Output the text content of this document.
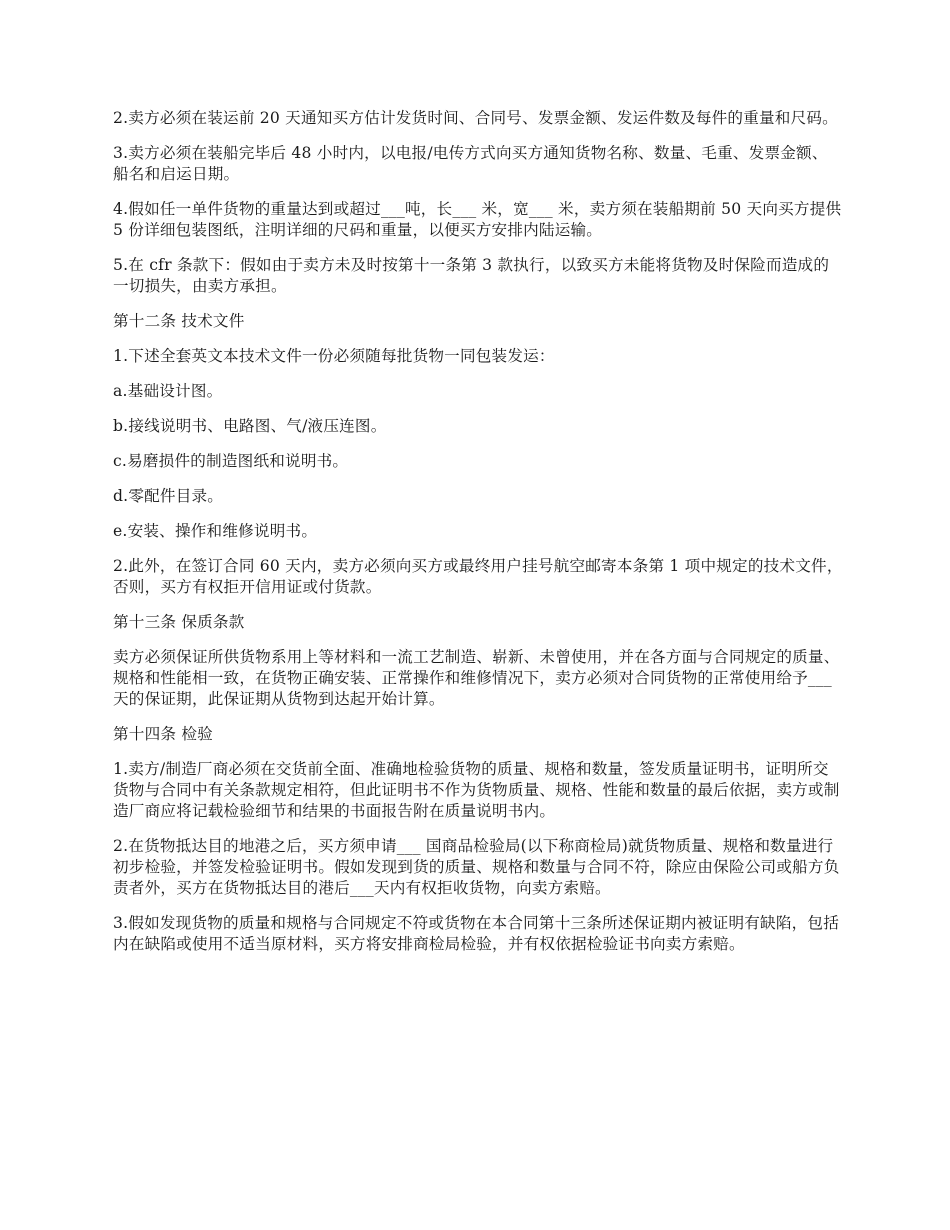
2.卖方必须在装运前 20 天通知买方估计发货时间、合同号、发票金额、发运件数及每件的重量和尺码。

3.卖方必须在装船完毕后 48 小时内，以电报/电传方式向买方通知货物名称、数量、毛重、发票金额、船名和启运日期。

4.假如任一单件货物的重量达到或超过___吨，长___ 米，宽___ 米，卖方须在装船期前 50 天向买方提供 5 份详细包装图纸，注明详细的尺码和重量，以便买方安排内陆运输。

5.在 cfr 条款下：假如由于卖方未及时按第十一条第 3 款执行，以致买方未能将货物及时保险而造成的一切损失，由卖方承担。

第十二条 技术文件

1.下述全套英文本技术文件一份必须随每批货物一同包装发运：

a.基础设计图。

b.接线说明书、电路图、气/液压连图。

c.易磨损件的制造图纸和说明书。

d.零配件目录。

e.安装、操作和维修说明书。

2.此外，在签订合同 60 天内，卖方必须向买方或最终用户挂号航空邮寄本条第 1 项中规定的技术文件，否则，买方有权拒开信用证或付货款。

第十三条 保质条款

卖方必须保证所供货物系用上等材料和一流工艺制造、崭新、未曾使用，并在各方面与合同规定的质量、规格和性能相一致，在货物正确安装、正常操作和维修情况下，卖方必须对合同货物的正常使用给予___天的保证期，此保证期从货物到达起开始计算。

第十四条 检验

1.卖方/制造厂商必须在交货前全面、准确地检验货物的质量、规格和数量，签发质量证明书，证明所交货物与合同中有关条款规定相符，但此证明书不作为货物质量、规格、性能和数量的最后依据，卖方或制造厂商应将记载检验细节和结果的书面报告附在质量说明书内。

2.在货物抵达目的地港之后，买方须申请___ 国商品检验局(以下称商检局)就货物质量、规格和数量进行初步检验，并签发检验证明书。假如发现到货的质量、规格和数量与合同不符，除应由保险公司或船方负责者外，买方在货物抵达目的港后___天内有权拒收货物，向卖方索赔。

3.假如发现货物的质量和规格与合同规定不符或货物在本合同第十三条所述保证期内被证明有缺陷，包括内在缺陷或使用不适当原材料，买方将安排商检局检验，并有权依据检验证书向卖方索赔。
